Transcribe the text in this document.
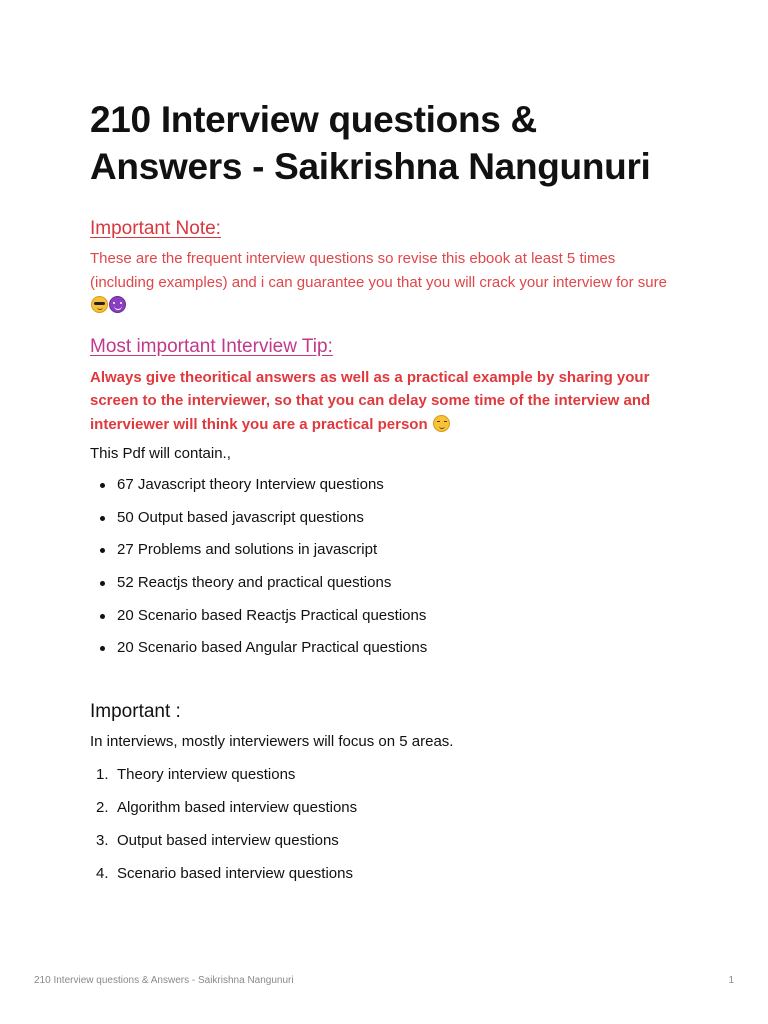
210 Interview questions &
Answers - Saikrishna Nangunuri
Important Note:
These are the frequent interview questions so revise this ebook at least 5 times (including examples) and i can guarantee you that you will crack your interview for sure
Most important Interview Tip:
Always give theoritical answers as well as a practical example by sharing your screen to the interviewer, so that you can delay some time of the interview and interviewer will think you are a practical person
This Pdf will contain.,
67 Javascript theory Interview questions
50 Output based javascript questions
27 Problems and solutions in javascript
52 Reactjs theory and practical questions
20 Scenario based Reactjs Practical questions
20 Scenario based Angular Practical questions
Important :
In interviews, mostly interviewers will focus on 5 areas.
1. Theory interview questions
2. Algorithm based interview questions
3. Output based interview questions
4. Scenario based interview questions
210 Interview questions & Answers - Saikrishna Nangunuri	1
